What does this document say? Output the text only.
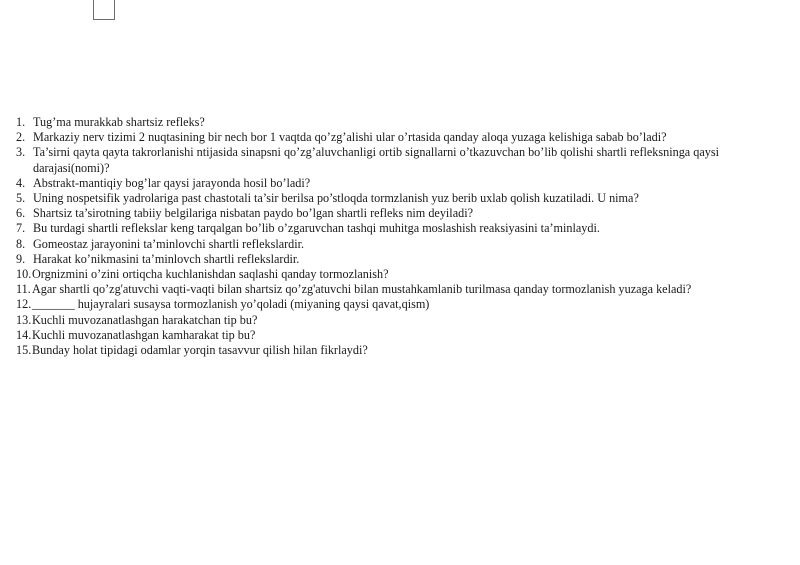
1. Tug’ma murakkab shartsiz refleks?
2. Markaziy nerv tizimi 2 nuqtasining bir nech bor 1 vaqtda qo’zg’alishi ular o’rtasida qanday aloqa yuzaga kelishiga sabab bo’ladi?
3. Ta’sirni qayta qayta takrorlanishi ntijasida sinapsni qo’zg’aluvchanligi ortib signallarni o’tkazuvchan bo’lib qolishi shartli refleksninga qaysi darajasi(nomi)?
4. Abstrakt-mantiqiy bog’lar qaysi jarayonda hosil bo’ladi?
5. Uning nospetsifik yadrolariga past chastotali ta’sir berilsa po’stloqda tormzlanish yuz berib uxlab qolish kuzatiladi. U nima?
6. Shartsiz ta’sirotning tabiiy belgilariga nisbatan paydo bo’lgan shartli refleks nim deyiladi?
7. Bu turdagi shartli reflekslar keng tarqalgan bo’lib o’zgaruvchan tashqi muhitga moslashish reaksiyasini ta’minlaydi.
8. Gomeostaz jarayonini ta’minlovchi shartli reflekslardir.
9. Harakat ko’nikmasini ta’minlovch shartli reflekslardir.
10. Orgnizmini o’zini ortiqcha kuchlanishdan saqlashi qanday tormozlanish?
11. Agar shartli qo’zg'atuvchi vaqti-vaqti bilan shartsiz qo’zg'atuvchi bilan mustahkamlanib turilmasa qanday tormozlanish yuzaga keladi?
12. _______ hujayralari susaysa tormozlanish yo’qoladi (miyaning qaysi qavat,qism)
13. Kuchli muvozanatlashgan harakatchan tip bu?
14. Kuchli muvozanatlashgan kamharakat tip bu?
15. Bunday holat tipidagi odamlar yorqin tasavvur qilish hilan fikrlaydi?
